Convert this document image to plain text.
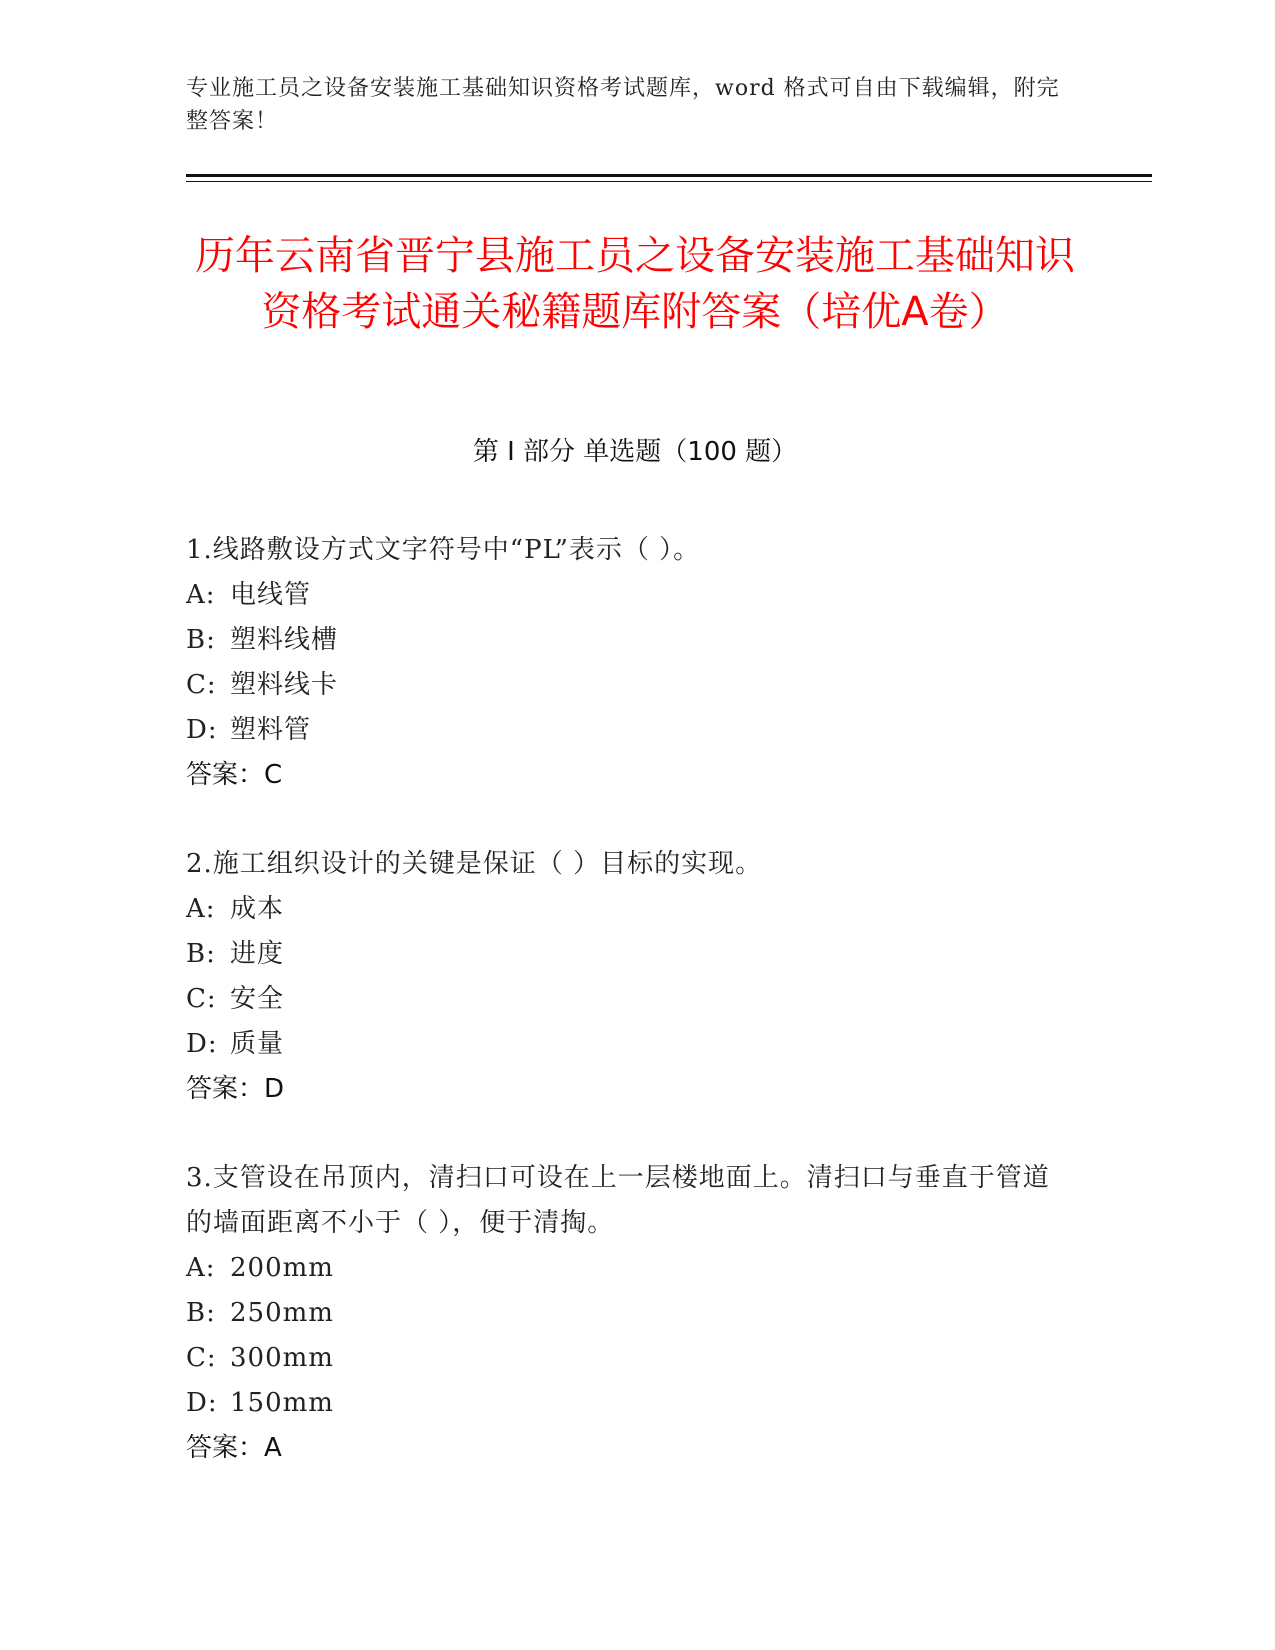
专业施工员之设备安装施工基础知识资格考试题库，word 格式可自由下载编辑，附完整答案！
历年云南省晋宁县施工员之设备安装施工基础知识资格考试通关秘籍题库附答案（培优A卷）
第 I 部分 单选题（100 题）

1.线路敷设方式文字符号中“PL”表示（ ）。

A: 电线管

B: 塑料线槽

C: 塑料线卡

D: 塑料管

答案：C

2.施工组织设计的关键是保证（ ）目标的实现。

A: 成本

B: 进度

C: 安全

D: 质量

答案：D

3.支管设在吊顶内，清扫口可设在上一层楼地面上。清扫口与垂直于管道的墙面距离不小于（ ），便于清掏。

A: 200mm

B: 250mm

C: 300mm

D: 150mm

答案：A
